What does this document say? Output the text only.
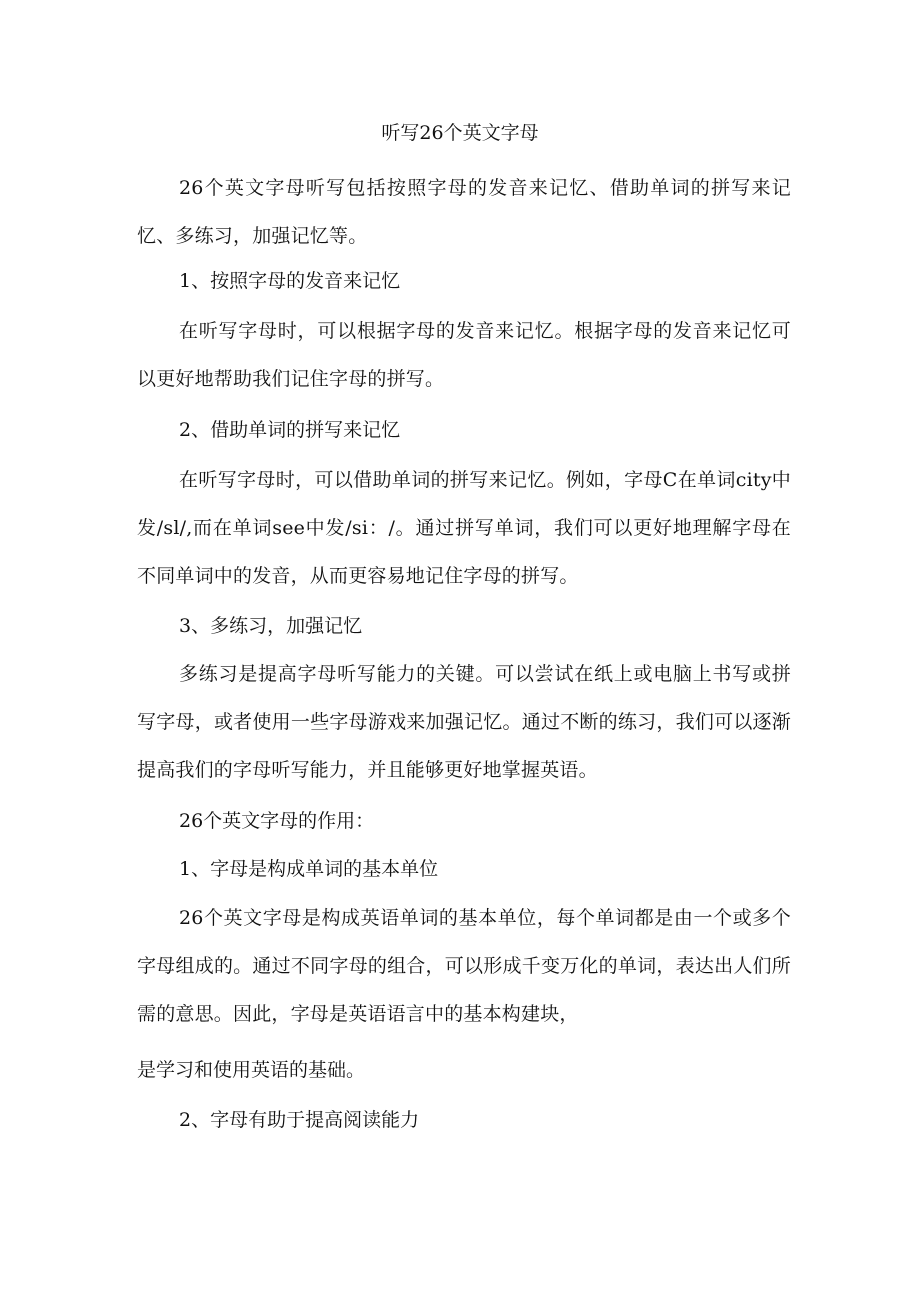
听写26个英文字母

26个英文字母听写包括按照字母的发音来记忆、借助单词的拼写来记忆、多练习，加强记忆等。

1、按照字母的发音来记忆

在听写字母时，可以根据字母的发音来记忆。根据字母的发音来记忆可以更好地帮助我们记住字母的拼写。

2、借助单词的拼写来记忆

在听写字母时，可以借助单词的拼写来记忆。例如，字母C在单词city中发/sl/,而在单词see中发/si：/。通过拼写单词，我们可以更好地理解字母在不同单词中的发音，从而更容易地记住字母的拼写。

3、多练习，加强记忆

多练习是提高字母听写能力的关键。可以尝试在纸上或电脑上书写或拼写字母，或者使用一些字母游戏来加强记忆。通过不断的练习，我们可以逐渐提高我们的字母听写能力，并且能够更好地掌握英语。

26个英文字母的作用：

1、字母是构成单词的基本单位

26个英文字母是构成英语单词的基本单位，每个单词都是由一个或多个字母组成的。通过不同字母的组合，可以形成千变万化的单词，表达出人们所需的意思。因此，字母是英语语言中的基本构建块，

是学习和使用英语的基础。

2、字母有助于提高阅读能力
